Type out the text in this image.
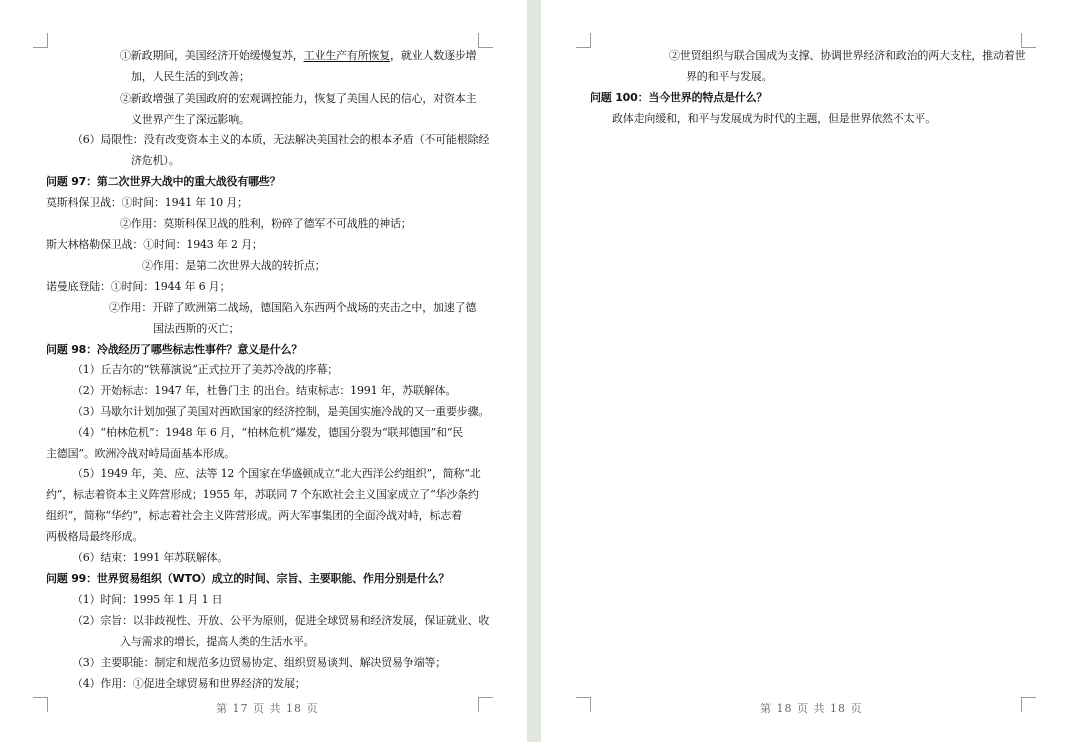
①新政期间，美国经济开始缓慢复苏，工业生产有所恢复，就业人数逐步增
加，人民生活的到改善；
②新政增强了美国政府的宏观调控能力，恢复了美国人民的信心，对资本主
义世界产生了深远影响。
（6）局限性：没有改变资本主义的本质，无法解决美国社会的根本矛盾（不可能根除经
济危机）。
问题 97：第二次世界大战中的重大战役有哪些？
莫斯科保卫战：①时间：1941 年 10 月；
②作用：莫斯科保卫战的胜利，粉碎了德军不可战胜的神话；
斯大林格勒保卫战：①时间：1943 年 2 月；
②作用：是第二次世界大战的转折点；
诺曼底登陆：①时间：1944 年 6 月；
②作用：开辟了欧洲第二战场，德国陷入东西两个战场的夹击之中，加速了德
国法西斯的灭亡；
问题 98：冷战经历了哪些标志性事件？意义是什么？
（1）丘吉尔的“铁幕演说”正式拉开了美苏冷战的序幕；
（2）开始标志：1947 年，杜鲁门主 的出台。结束标志：1991 年，苏联解体。
（3）马歇尔计划加强了美国对西欧国家的经济控制，是美国实施冷战的又一重要步骤。
（4）“柏林危机”：1948 年 6 月，“柏林危机”爆发，德国分裂为“联邦德国”和“民
主德国”。欧洲冷战对峙局面基本形成。
（5）1949 年，美、应、法等 12 个国家在华盛顿成立“北大西洋公约组织”，简称“北
约”，标志着资本主义阵营形成；1955 年，苏联同 7 个东欧社会主义国家成立了“华沙条约
组织”，简称“华约”，标志着社会主义阵营形成。两大军事集团的全面冷战对峙，标志着
两极格局最终形成。
（6）结束：1991 年苏联解体。
问题 99：世界贸易组织（WTO）成立的时间、宗旨、主要职能、作用分别是什么？
（1）时间：1995 年 1 月 1 日
（2）宗旨：以非歧视性、开放、公平为原则，促进全球贸易和经济发展，保证就业、收
入与需求的增长，提高人类的生活水平。
（3）主要职能：制定和规范多边贸易协定、组织贸易谈判、解决贸易争端等；
（4）作用：①促进全球贸易和世界经济的发展；
第 17 页 共 18 页
②世贸组织与联合国成为支撑、协调世界经济和政治的两大支柱，推动着世
界的和平与发展。
问题 100：当今世界的特点是什么？
政体走向缓和，和平与发展成为时代的主题，但是世界依然不太平。
第 18 页 共 18 页
